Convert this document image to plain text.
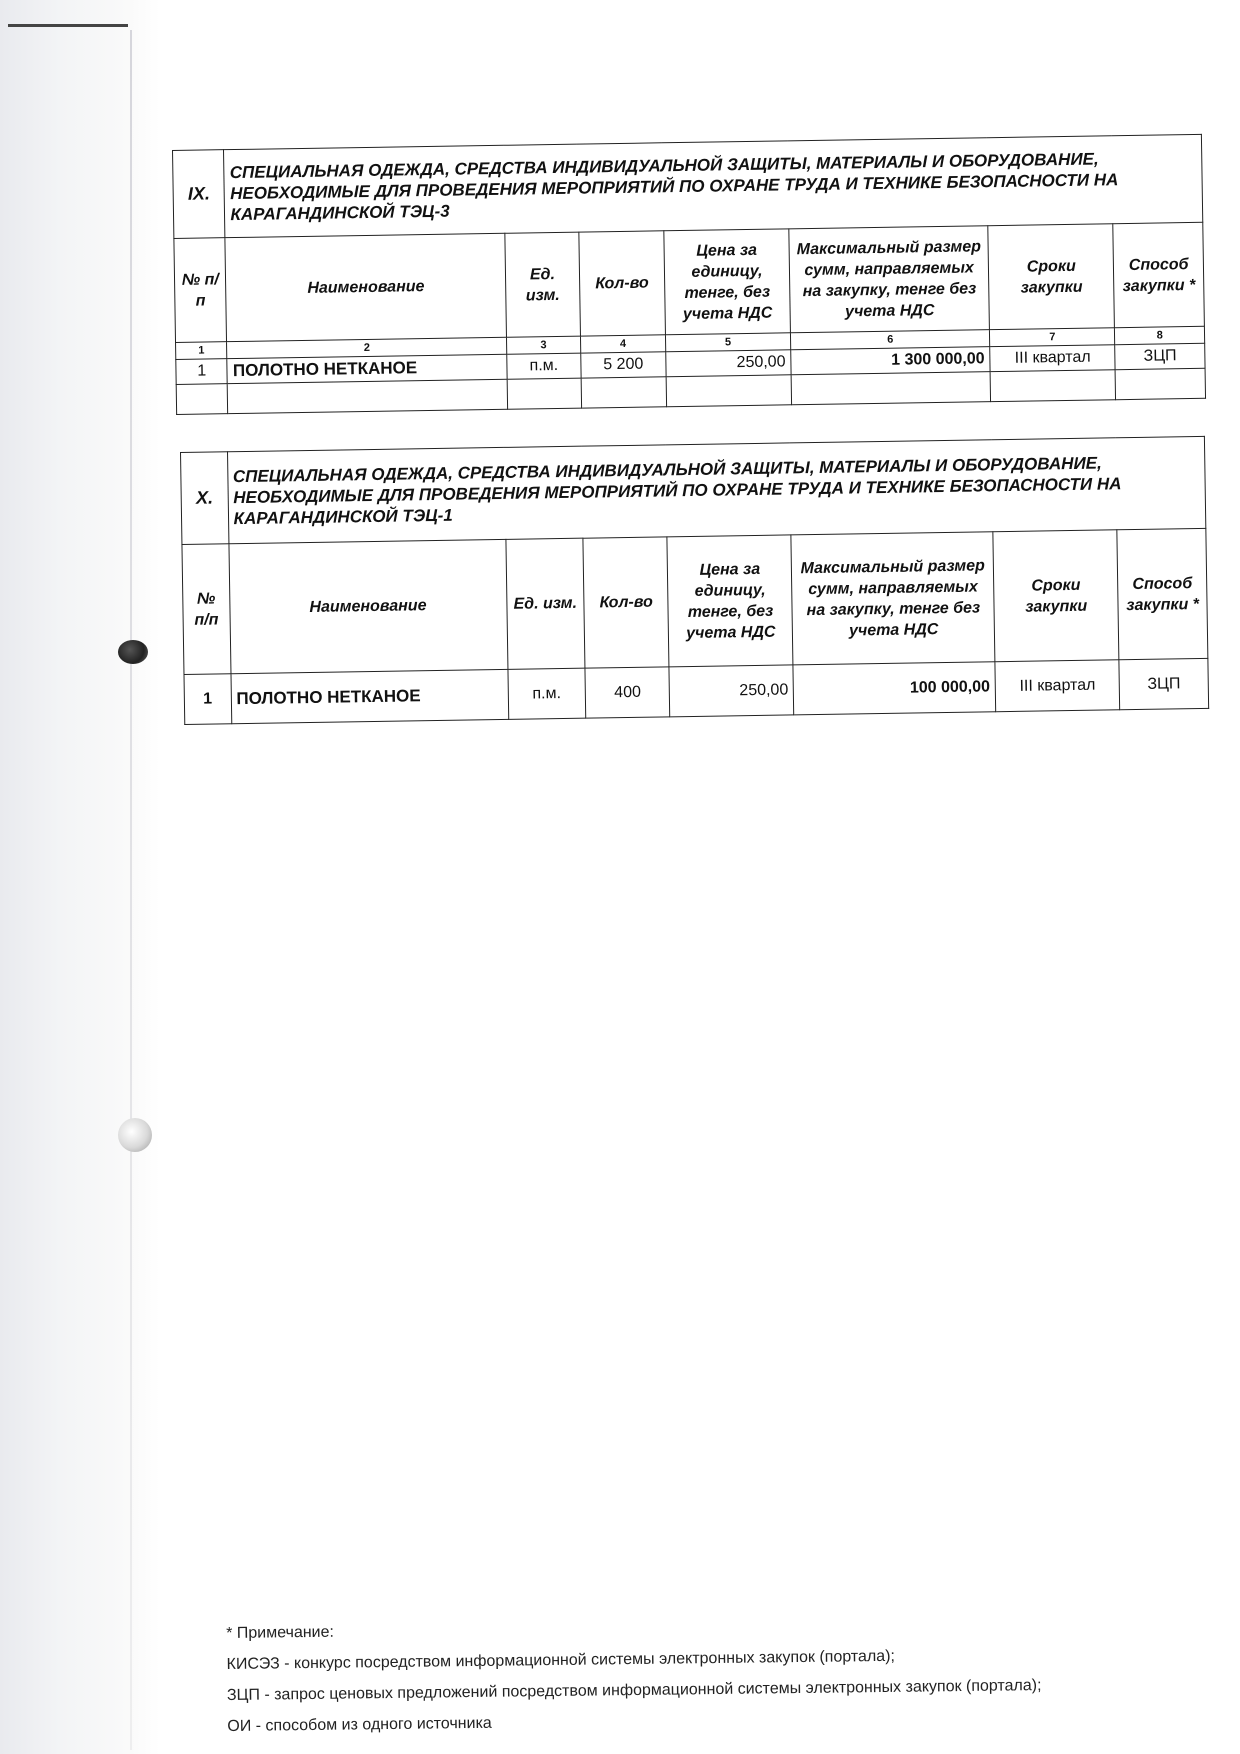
IX.	СПЕЦИАЛЬНАЯ ОДЕЖДА, СРЕДСТВА ИНДИВИДУАЛЬНОЙ ЗАЩИТЫ, МАТЕРИАЛЫ И ОБОРУДОВАНИЕ, НЕОБХОДИМЫЕ ДЛЯ ПРОВЕДЕНИЯ МЕРОПРИЯТИЙ ПО ОХРАНЕ ТРУДА И ТЕХНИКЕ БЕЗОПАСНОСТИ НА КАРАГАНДИНСКОЙ ТЭЦ-3						
№ п/п	Наименование	Ед. изм.	Кол-во	Цена за единицу, тенге, без учета НДС	Максимальный размер сумм, направляемых на закупку, тенге без учета НДС	Сроки закупки	Способ закупки *
1	2	3	4	5	6	7	8
1	ПОЛОТНО НЕТКАНОЕ	п.м.	5 200	250,00	1 300 000,00	III квартал	ЗЦП

X.	СПЕЦИАЛЬНАЯ ОДЕЖДА, СРЕДСТВА ИНДИВИДУАЛЬНОЙ ЗАЩИТЫ, МАТЕРИАЛЫ И ОБОРУДОВАНИЕ, НЕОБХОДИМЫЕ ДЛЯ ПРОВЕДЕНИЯ МЕРОПРИЯТИЙ ПО ОХРАНЕ ТРУДА И ТЕХНИКЕ БЕЗОПАСНОСТИ НА КАРАГАНДИНСКОЙ ТЭЦ-1						
№ п/п	Наименование	Ед. изм.	Кол-во	Цена за единицу, тенге, без учета НДС	Максимальный размер сумм, направляемых на закупку, тенге без учета НДС	Сроки закупки	Способ закупки *
1	ПОЛОТНО НЕТКАНОЕ	п.м.	400	250,00	100 000,00	III квартал	ЗЦП
* Примечание:
КИСЭЗ - конкурс посредством информационной системы электронных закупок (портала);
ЗЦП - запрос ценовых предложений посредством информационной системы электронных закупок (портала);
ОИ - способом из одного источника
